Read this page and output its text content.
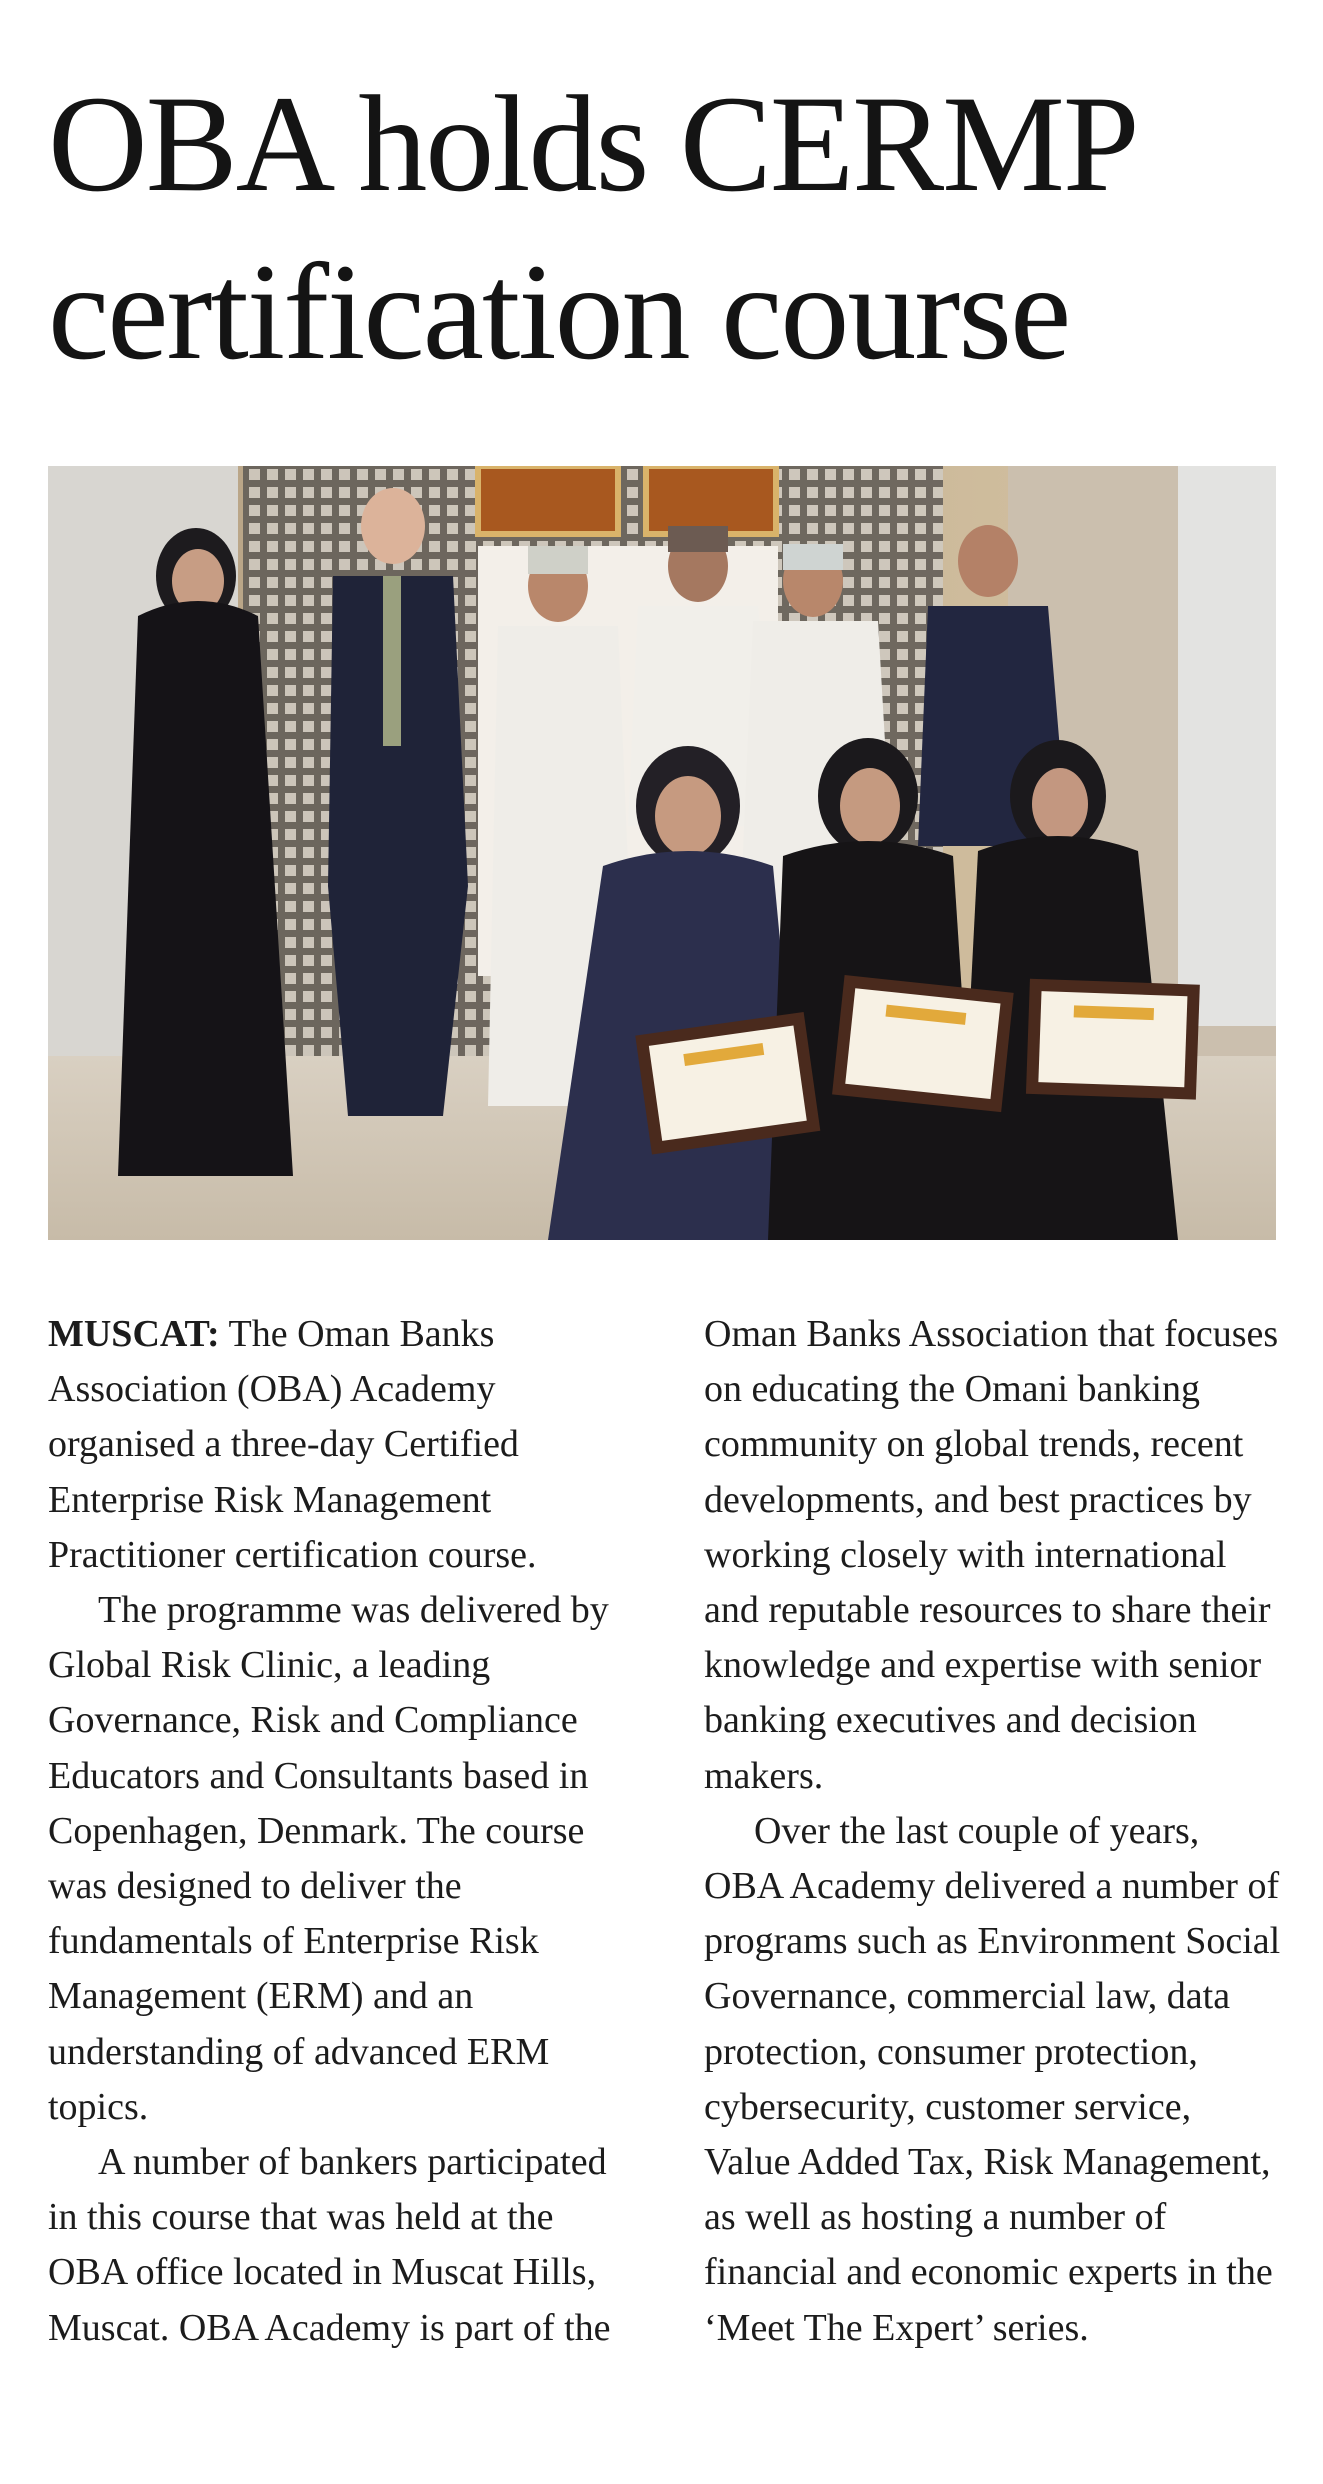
OBA holds CERMP
certification course

MUSCAT: The Oman Banks Association (OBA) Academy organised a three-day Certified Enterprise Risk Management Practitioner certification course.

The programme was delivered by Global Risk Clinic, a leading Governance, Risk and Compliance Educators and Consultants based in Copenhagen, Denmark. The course was designed to deliver the fundamentals of Enterprise Risk Management (ERM) and an understanding of advanced ERM topics.

A number of bankers participated in this course that was held at the OBA office located in Muscat Hills, Muscat. OBA Academy is part of the

Oman Banks Association that focuses on educating the Omani banking community on global trends, recent developments, and best practices by working closely with international and reputable resources to share their knowledge and expertise with senior banking executives and decision makers.

Over the last couple of years, OBA Academy delivered a number of programs such as Environment Social Governance, commercial law, data protection, consumer protection, cybersecurity, customer service, Value Added Tax, Risk Management, as well as hosting a number of financial and economic experts in the ‘Meet The Expert’ series.
